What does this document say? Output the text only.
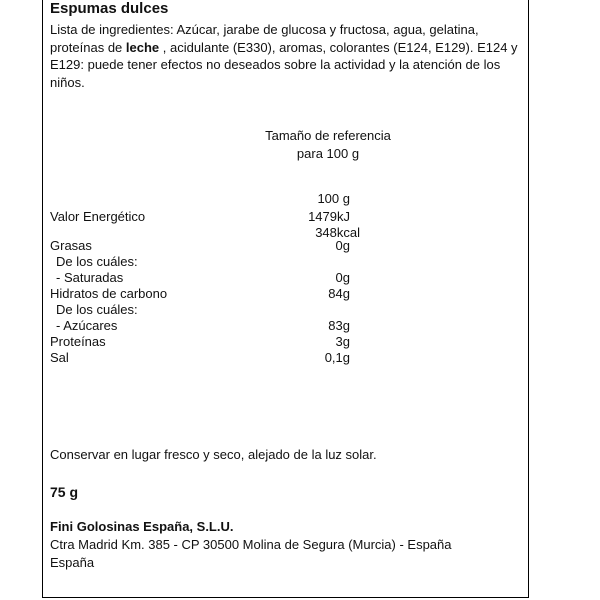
Espumas dulces
Lista de ingredientes: Azúcar, jarabe de glucosa y fructosa, agua, gelatina, proteínas de leche , acidulante (E330), aromas, colorantes (E124, E129). E124 y E129: puede tener efectos no deseados sobre la actividad y la atención de los niños.
Tamaño de referencia
para 100 g
100 g
Valor Energético	1479kJ
348kcal
Grasas	0g
De los cuáles:
- Saturadas	0g
Hidratos de carbono	84g
De los cuáles:
- Azúcares	83g
Proteínas	3g
Sal	0,1g
Conservar en lugar fresco y seco, alejado de la luz solar.
75 g
Fini Golosinas España, S.L.U.
Ctra Madrid Km. 385 - CP 30500 Molina de Segura (Murcia) - España
España
